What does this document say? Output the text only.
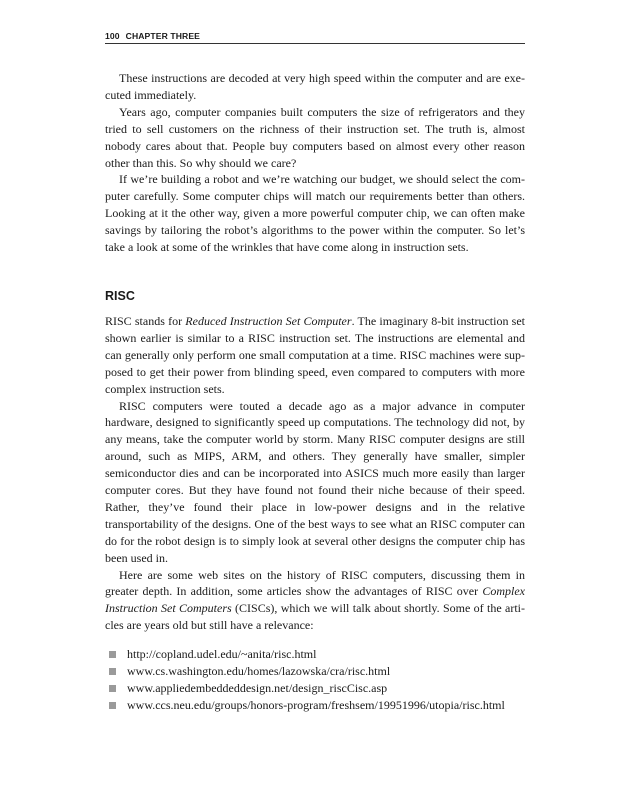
100 CHAPTER THREE

These instructions are decoded at very high speed within the computer and are executed immediately.

Years ago, computer companies built computers the size of refrigerators and they tried to sell customers on the richness of their instruction set. The truth is, almost nobody cares about that. People buy computers based on almost every other reason other than this. So why should we care?

If we’re building a robot and we’re watching our budget, we should select the computer carefully. Some computer chips will match our requirements better than others. Looking at it the other way, given a more powerful computer chip, we can often make savings by tailoring the robot’s algorithms to the power within the computer. So let’s take a look at some of the wrinkles that have come along in instruction sets.

RISC

RISC stands for Reduced Instruction Set Computer. The imaginary 8-bit instruction set shown earlier is similar to a RISC instruction set. The instructions are elemental and can generally only perform one small computation at a time. RISC machines were supposed to get their power from blinding speed, even compared to computers with more complex instruction sets.

RISC computers were touted a decade ago as a major advance in computer hardware, designed to significantly speed up computations. The technology did not, by any means, take the computer world by storm. Many RISC computer designs are still around, such as MIPS, ARM, and others. They generally have smaller, simpler semiconductor dies and can be incorporated into ASICS much more easily than larger computer cores. But they have found not found their niche because of their speed. Rather, they’ve found their place in low-power designs and in the relative transportability of the designs. One of the best ways to see what an RISC computer can do for the robot design is to simply look at several other designs the computer chip has been used in.

Here are some web sites on the history of RISC computers, discussing them in greater depth. In addition, some articles show the advantages of RISC over Complex Instruction Set Computers (CISCs), which we will talk about shortly. Some of the articles are years old but still have a relevance:

http://copland.udel.edu/~anita/risc.html
www.cs.washington.edu/homes/lazowska/cra/risc.html
www.appliedembeddeddesign.net/design_riscCisc.asp
www.ccs.neu.edu/groups/honors-program/freshsem/19951996/utopia/risc.html
